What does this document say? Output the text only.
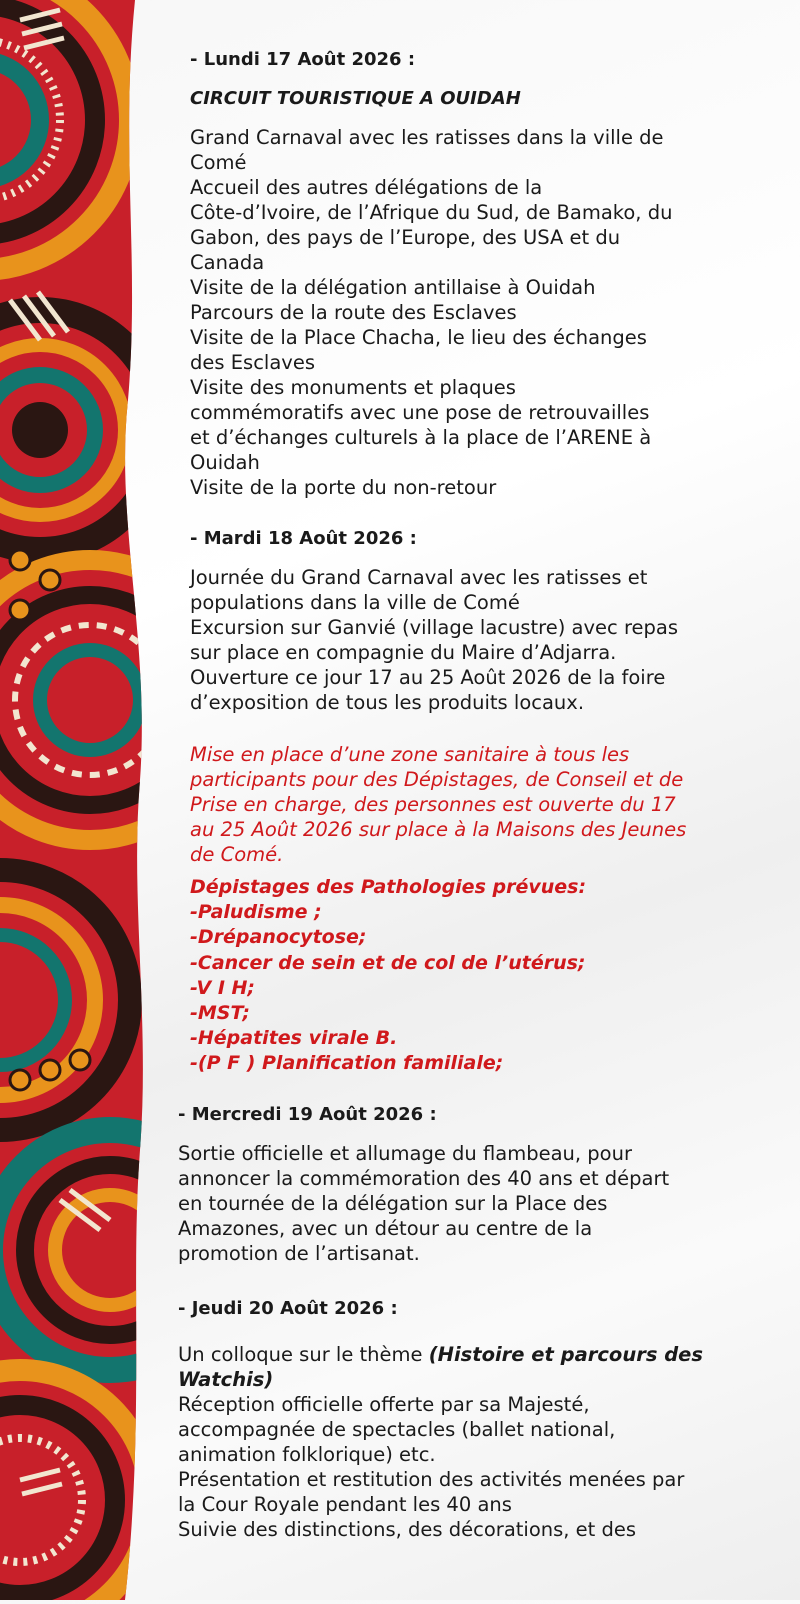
- Lundi 17 Août 2026 :

CIRCUIT TOURISTIQUE A OUIDAH

Grand Carnaval avec les ratisses dans la ville de

Comé

Accueil des autres délégations de la

Côte-d’Ivoire, de l’Afrique du Sud, de Bamako, du

Gabon, des pays de l’Europe, des USA et du

Canada

Visite de la délégation antillaise à Ouidah

Parcours de la route des Esclaves

Visite de la Place Chacha, le lieu des échanges

des Esclaves

Visite des monuments et plaques

commémoratifs avec une pose de retrouvailles

et d’échanges culturels à la place de l’ARENE à

Ouidah

Visite de la porte du non-retour

- Mardi 18 Août 2026 :

Journée du Grand Carnaval avec les ratisses et

populations dans la ville de Comé

Excursion sur Ganvié (village lacustre) avec repas

sur place en compagnie du Maire d’Adjarra.

Ouverture ce jour 17 au 25 Août 2026 de la foire

d’exposition de tous les produits locaux.

Mise en place d’une zone sanitaire à tous les

participants pour des Dépistages, de Conseil et de

Prise en charge, des personnes est ouverte du 17

au 25 Août 2026 sur place à la Maisons des Jeunes

de Comé.

Dépistages des Pathologies prévues:

-Paludisme ;

-Drépanocytose;

-Cancer de sein et de col de l’utérus;

-V I H;

-MST;

-Hépatites virale B.

-(P F ) Planification familiale;

- Mercredi 19 Août 2026 :

Sortie officielle et allumage du flambeau, pour

annoncer la commémoration des 40 ans et départ

en tournée de la délégation sur la Place des

Amazones, avec un détour au centre de la

promotion de l’artisanat.

- Jeudi 20 Août 2026 :

Un colloque sur le thème (Histoire et parcours des

Watchis)

Réception officielle offerte par sa Majesté,

accompagnée de spectacles (ballet national,

animation folklorique) etc.

Présentation et restitution des activités menées par

la Cour Royale pendant les 40 ans

Suivie des distinctions, des décorations, et des
